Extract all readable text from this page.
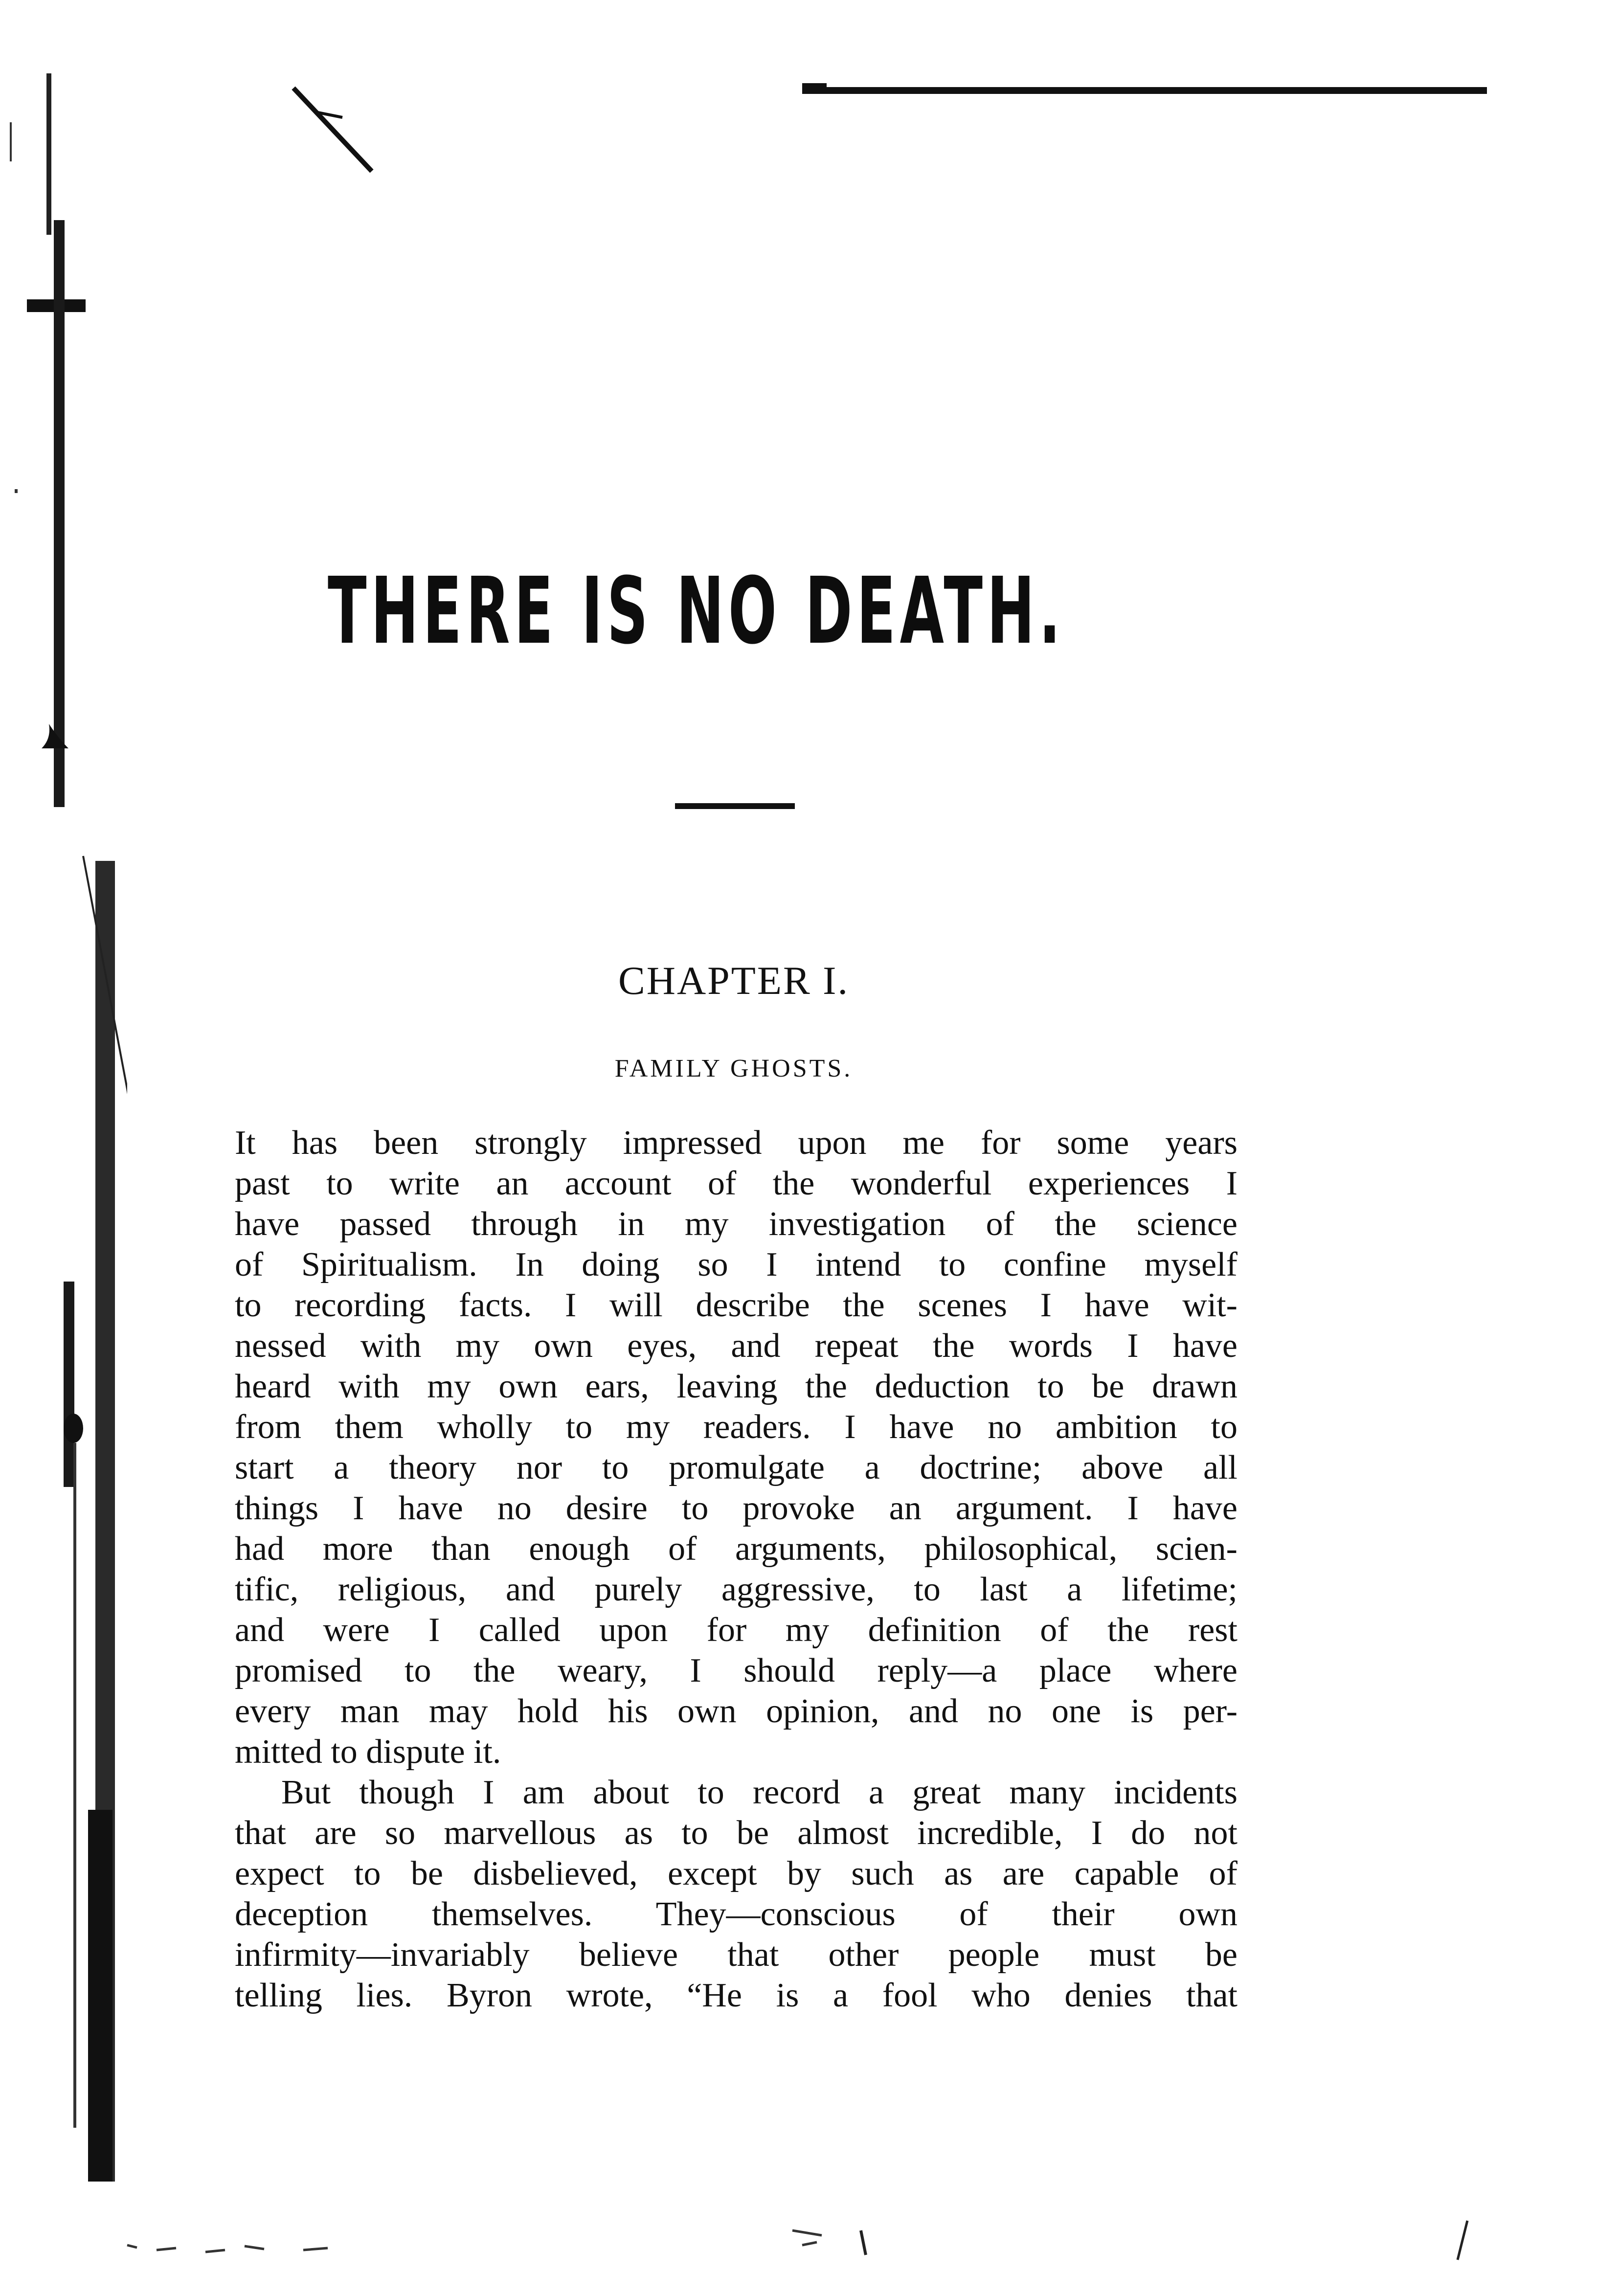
THERE IS NO DEATH.
CHAPTER I.
FAMILY GHOSTS.
It has been strongly impressed upon me for some years
past to write an account of the wonderful experiences I
have passed through in my investigation of the science
of Spiritualism. In doing so I intend to confine myself
to recording facts. I will describe the scenes I have wit-
nessed with my own eyes, and repeat the words I have
heard with my own ears, leaving the deduction to be drawn
from them wholly to my readers. I have no ambition to
start a theory nor to promulgate a doctrine; above all
things I have no desire to provoke an argument. I have
had more than enough of arguments, philosophical, scien-
tific, religious, and purely aggressive, to last a lifetime;
and were I called upon for my definition of the rest
promised to the weary, I should reply—a place where
every man may hold his own opinion, and no one is per-
mitted to dispute it.
But though I am about to record a great many incidents
that are so marvellous as to be almost incredible, I do not
expect to be disbelieved, except by such as are capable of
deception themselves. They—conscious of their own
infirmity—invariably believe that other people must be
telling lies. Byron wrote, “He is a fool who denies that
